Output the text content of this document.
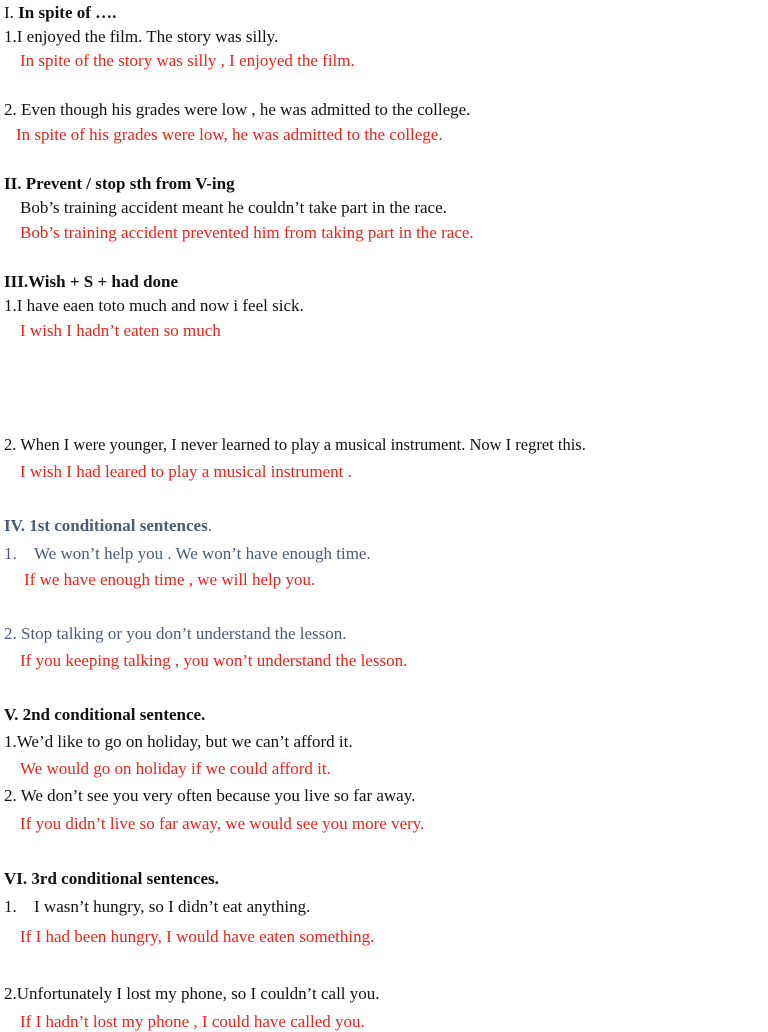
I. In spite of ….
1.I enjoyed the film. The story was silly.
In spite of the story was silly , I enjoyed the film.
2. Even though his grades were low , he was admitted to the college.
In spite of his grades were low, he was admitted to the college.
II. Prevent / stop sth from V-ing
Bob’s training accident meant he couldn’t take part in the race.
Bob’s training accident prevented him from taking part in the race.
III.Wish + S + had done
1.I have eaen toto much and now i feel sick.
I wish I hadn’t eaten so much
2. When I were younger, I never learned to play a musical instrument. Now I regret this.
I wish I had leared to play a musical instrument .
IV. 1st conditional sentences.
1. We won’t help you . We won’t have enough time.
If we have enough time , we will help you.
2. Stop talking or you don’t understand the lesson.
If you keeping talking , you won’t understand the lesson.
V. 2nd conditional sentence.
1.We’d like to go on holiday, but we can’t afford it.
We would go on holiday if we could afford it.
2. We don’t see you very often because you live so far away.
If you didn’t live so far away, we would see you more very.
VI. 3rd conditional sentences.
1. I wasn’t hungry, so I didn’t eat anything.
If I had been hungry, I would have eaten something.
2.Unfortunately I lost my phone, so I couldn’t call you.
If I hadn’t lost my phone , I could have called you.
